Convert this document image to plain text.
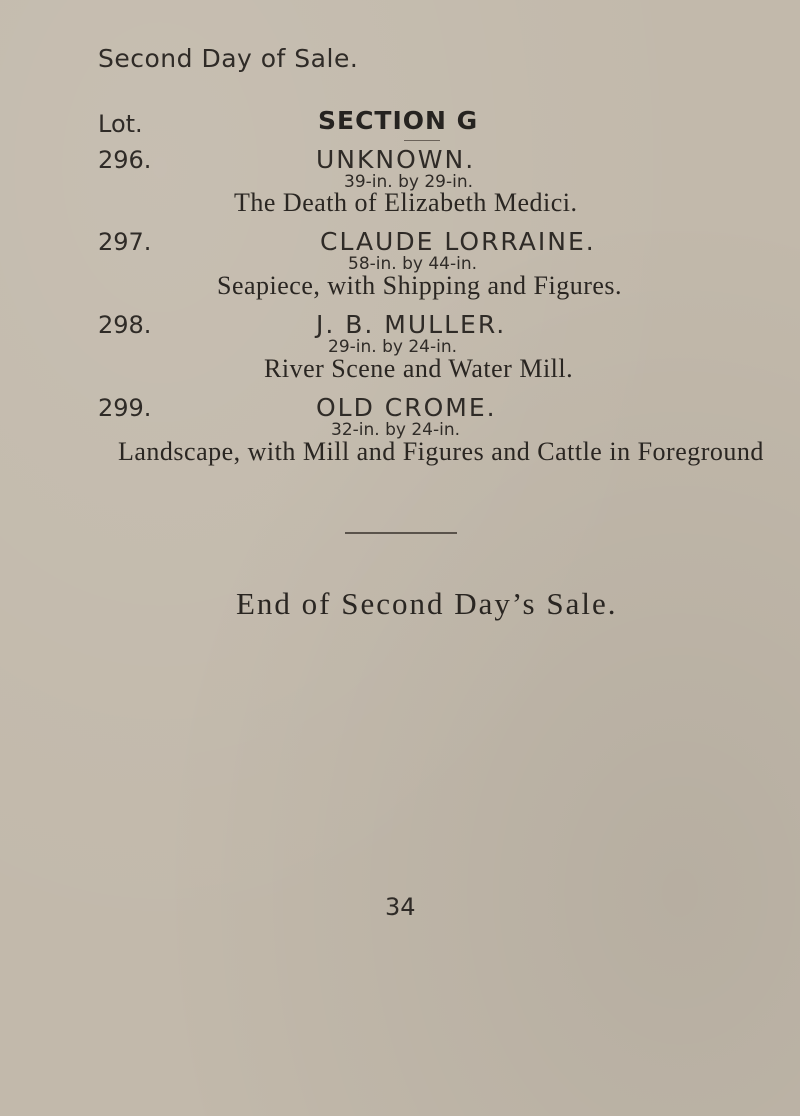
Second Day of Sale.
Lot.	SECTION G
296.	UNKNOWN.
39-in. by 29-in.
The Death of Elizabeth Medici.
297.	CLAUDE LORRAINE.
58-in. by 44-in.
Seapiece, with Shipping and Figures.
298.	J. B. MULLER.
29-in. by 24-in.
River Scene and Water Mill.
299.	OLD CROME.
32-in. by 24-in.
Landscape, with Mill and Figures and Cattle in Foreground
End of Second Day’s Sale.
34
